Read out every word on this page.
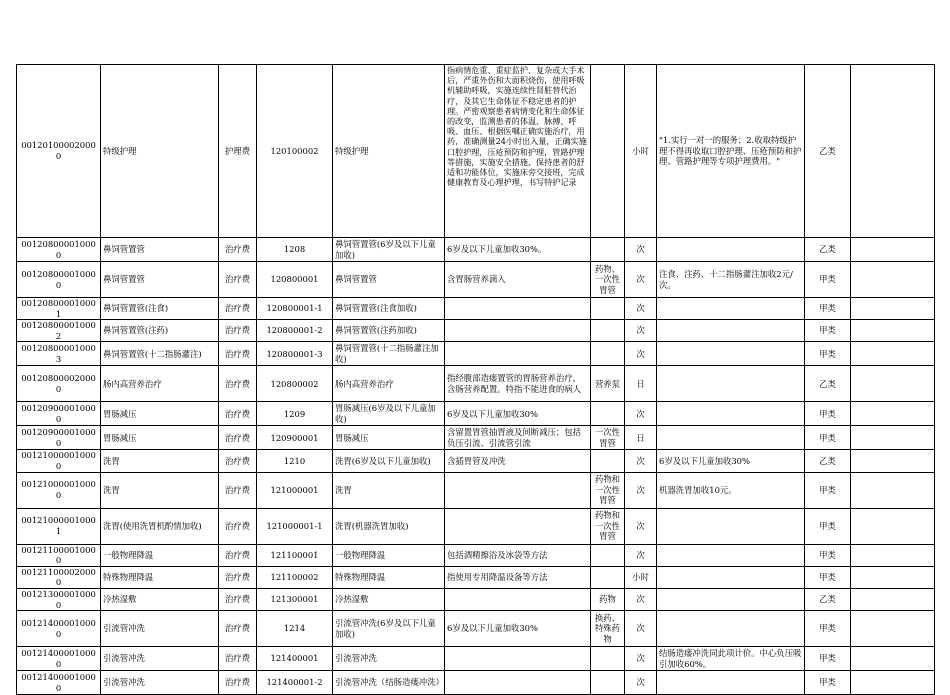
001201000020000	特级护理	护理费	120100002	特级护理	指病情危重、重症监护、复杂或大手术后，严重外伤和大面积烧伤，使用呼吸机辅助呼吸，实施连续性肾脏替代治疗，及其它生命体征不稳定患者的护理。严密观察患者病情变化和生命体征的改变，监测患者的体温、脉搏、呼吸、血压、根据医嘱正确实施治疗，用药，准确测量24小时出入量，正确实施口腔护理，压疮预防和护理，管路护理等措施，实施安全措施，保持患者的舒适和功能体位，实施床旁交接班，完成健康教育及心理护理，书写特护记录		小时	"1.实行一对一的服务；2.收取特级护理不得再收取口腔护理、压疮预防和护理、管路护理等专项护理费用。"	乙类	
001208000010000	鼻饲管置管	治疗费	1208	鼻饲管置管(6岁及以下儿童加收)	6岁及以下儿童加收30%。		次		乙类	
001208000010000	鼻饲管置管	治疗费	120800001	鼻饲管置管	含胃肠营养滴入	药物、一次性胃管	次	注食、注药、十二指肠灌注加收2元/次。	甲类	
001208000010001	鼻饲管置管(注食)	治疗费	120800001-1	鼻饲管置管(注食加收)			次		甲类	
001208000010002	鼻饲管置管(注药)	治疗费	120800001-2	鼻饲管置管(注药加收)			次		甲类	
001208000010003	鼻饲管置管(十二指肠灌注)	治疗费	120800001-3	鼻饲管置管(十二指肠灌注加收)			次		甲类	
001208000020000	肠内高营养治疗	治疗费	120800002	肠内高营养治疗	指经腹部造瘘置管的胃肠营养治疗，含肠营养配置。特指不能进食的病人	营养泵	日		乙类	
001209000010000	胃肠减压	治疗费	1209	胃肠减压(6岁及以下儿童加收)	6岁及以下儿童加收30%		次		甲类	
001209000010000	胃肠减压	治疗费	120900001	胃肠减压	含留置胃管抽胃液及间断减压；包括负压引流、引流管引流	一次性胃管	日		甲类	
001210000010000	洗胃	治疗费	1210	洗胃(6岁及以下儿童加收)	含插胃管及冲洗		次	6岁及以下儿童加收30%	乙类	
001210000010000	洗胃	治疗费	121000001	洗胃		药物和一次性胃管	次	机器洗胃加收10元。	甲类	
001210000010001	洗胃(使用洗胃机酌情加收)	治疗费	121000001-1	洗胃(机器洗胃加收)		药物和一次性胃管	次		甲类	
001211000010000	一般物理降温	治疗费	121100001	一般物理降温	包括酒精擦浴及冰袋等方法		次		甲类	
001211000020000	特殊物理降温	治疗费	121100002	特殊物理降温	指使用专用降温设备等方法		小时		甲类	
001213000010000	冷热湿敷	治疗费	121300001	冷热湿敷		药物	次		乙类	
001214000010000	引流管冲洗	治疗费	1214	引流管冲洗(6岁及以下儿童加收)	6岁及以下儿童加收30%	换药、特殊药物	次		甲类	
001214000010000	引流管冲洗	治疗费	121400001	引流管冲洗			次	结肠造瘘冲洗同此项计价。中心负压吸引加收60%。	甲类	
001214000010000	引流管冲洗	治疗费	121400001-2	引流管冲洗（结肠造瘘冲洗）			次		甲类	
